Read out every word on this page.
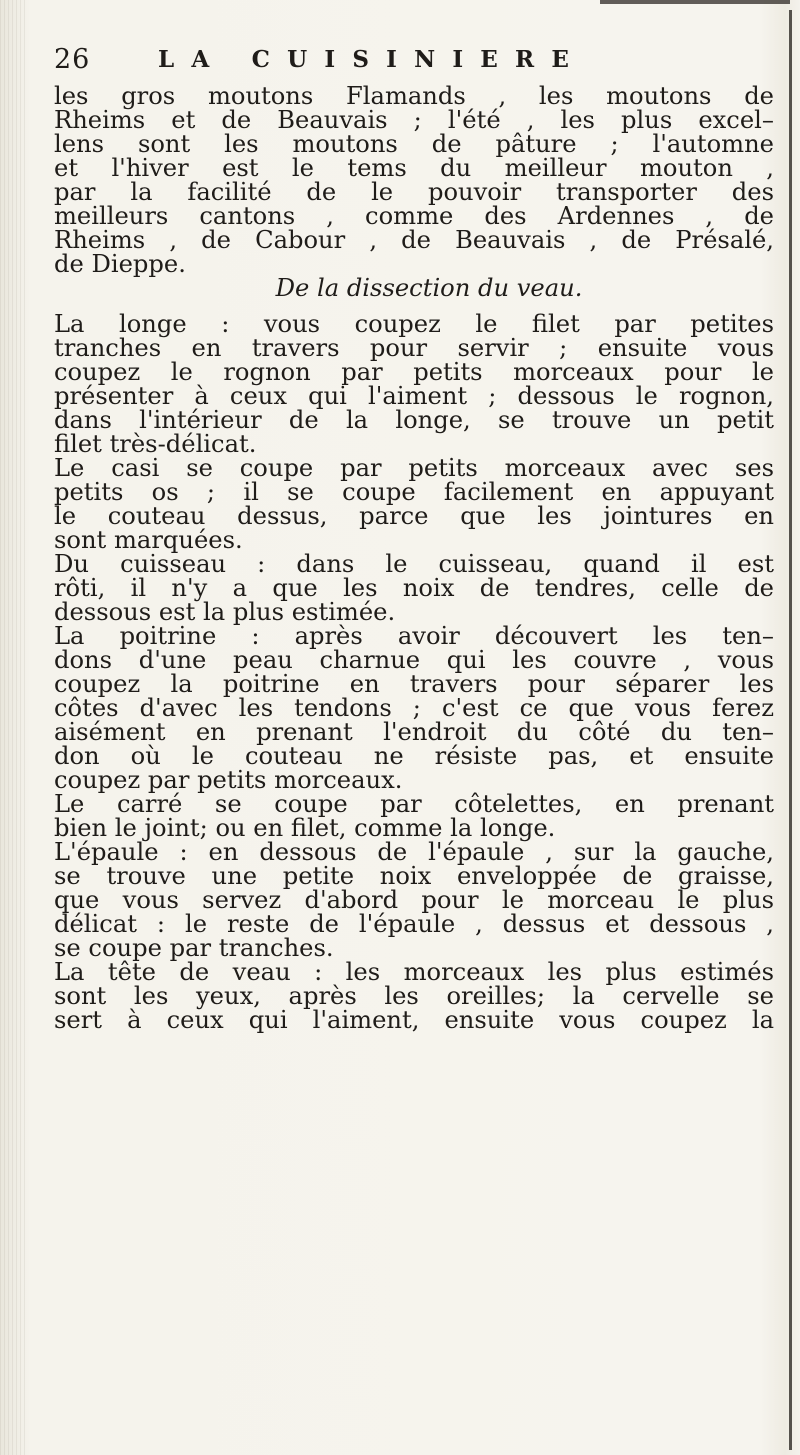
26	LA CUISINIERE
les gros moutons Flamands , les moutons de
Rheims et de Beauvais ; l'été , les plus excel–
lens sont les moutons de pâture ; l'automne
et l'hiver est le tems du meilleur mouton ,
par la facilité de le pouvoir transporter des
meilleurs cantons , comme des Ardennes , de
Rheims , de Cabour , de Beauvais , de Présalé,
de Dieppe.
De la dissection du veau.
La longe : vous coupez le filet par petites
tranches en travers pour servir ; ensuite vous
coupez le rognon par petits morceaux pour le
présenter à ceux qui l'aiment ; dessous le rognon,
dans l'intérieur de la longe, se trouve un petit
filet très-délicat.
Le casi se coupe par petits morceaux avec ses
petits os ; il se coupe facilement en appuyant
le couteau dessus, parce que les jointures en
sont marquées.
Du cuisseau : dans le cuisseau, quand il est
rôti, il n'y a que les noix de tendres, celle de
dessous est la plus estimée.
La poitrine : après avoir découvert les ten–
dons d'une peau charnue qui les couvre , vous
coupez la poitrine en travers pour séparer les
côtes d'avec les tendons ; c'est ce que vous ferez
aisément en prenant l'endroit du côté du ten–
don où le couteau ne résiste pas, et ensuite
coupez par petits morceaux.
Le carré se coupe par côtelettes, en prenant
bien le joint; ou en filet, comme la longe.
L'épaule : en dessous de l'épaule , sur la gauche,
se trouve une petite noix enveloppée de graisse,
que vous servez d'abord pour le morceau le plus
délicat : le reste de l'épaule , dessus et dessous ,
se coupe par tranches.
La tête de veau : les morceaux les plus estimés
sont les yeux, après les oreilles; la cervelle se
sert à ceux qui l'aiment, ensuite vous coupez la
